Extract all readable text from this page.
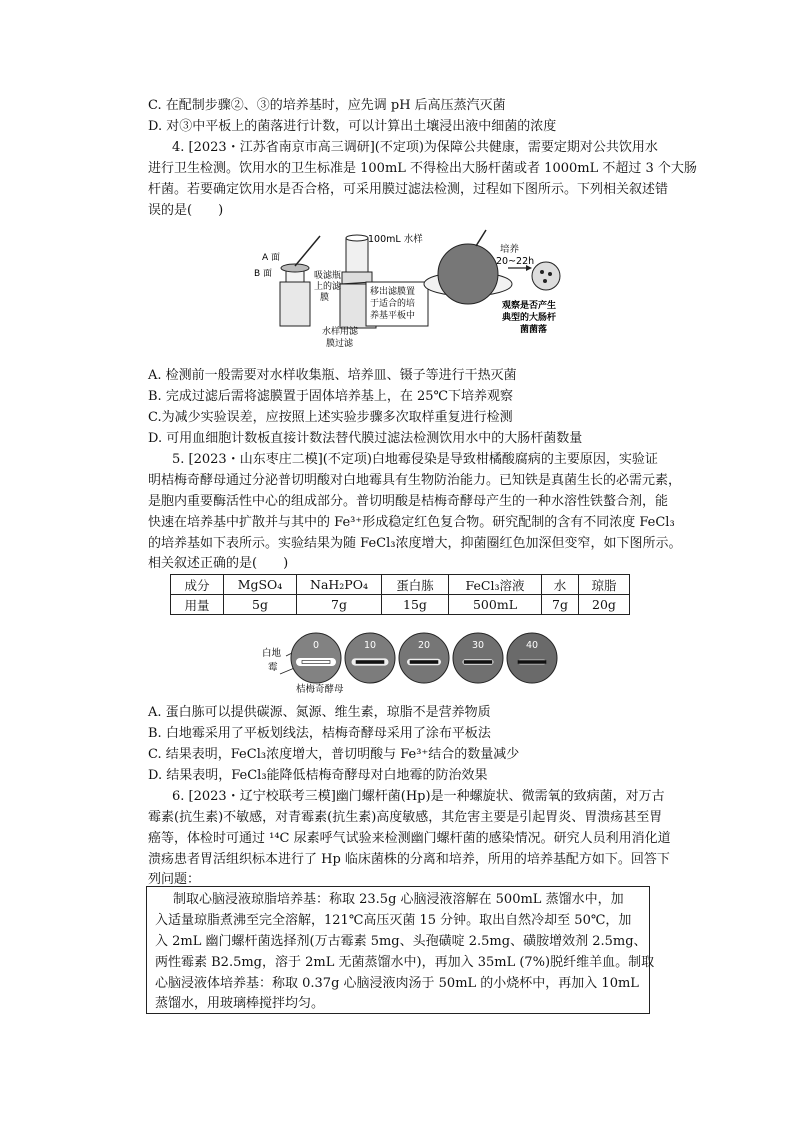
C. 在配制步骤②、③的培养基时，应先调 pH 后高压蒸汽灭菌
D. 对③中平板上的菌落进行计数，可以计算出土壤浸出液中细菌的浓度
4. [2023・江苏省南京市高三调研](不定项)为保障公共健康，需要定期对公共饮用水
进行卫生检测。饮用水的卫生标准是 100mL 不得检出大肠杆菌或者 1000mL 不超过 3 个大肠
杆菌。若要确定饮用水是否合格，可采用膜过滤法检测，过程如下图所示。下列相关叙述错
误的是(　　)
A 面
B 面
100mL 水样
吸滤瓶
上的滤
膜
水样用滤
膜过滤
移出滤膜置
于适合的培
养基平板中
培养
20~22h
观察是否产生
典型的大肠杆
菌菌落
A. 检测前一般需要对水样收集瓶、培养皿、镊子等进行干热灭菌
B. 完成过滤后需将滤膜置于固体培养基上，在 25℃下培养观察
C.为减少实验误差，应按照上述实验步骤多次取样重复进行检测
D. 可用血细胞计数板直接计数法替代膜过滤法检测饮用水中的大肠杆菌数量
5. [2023・山东枣庄二模](不定项)白地霉侵染是导致柑橘酸腐病的主要原因，实验证
明桔梅奇酵母通过分泌普切明酸对白地霉具有生物防治能力。已知铁是真菌生长的必需元素，
是胞内重要酶活性中心的组成部分。普切明酸是桔梅奇酵母产生的一种水溶性铁螯合剂，能
快速在培养基中扩散并与其中的 Fe³⁺形成稳定红色复合物。研究配制的含有不同浓度 FeCl₃
的培养基如下表所示。实验结果为随 FeCl₃浓度增大，抑菌圈红色加深但变窄，如下图所示。
相关叙述正确的是(　　)
成分	MgSO₄	NaH₂PO₄	蛋白胨	FeCl₃溶液	水	琼脂
用量	5g	7g	15g	500mL	7g	20g
白地
霉
0	10	20	30	40
桔梅奇酵母
A. 蛋白胨可以提供碳源、氮源、维生素，琼脂不是营养物质
B. 白地霉采用了平板划线法，桔梅奇酵母采用了涂布平板法
C. 结果表明，FeCl₃浓度增大，普切明酸与 Fe³⁺结合的数量减少
D. 结果表明，FeCl₃能降低桔梅奇酵母对白地霉的防治效果
6. [2023・辽宁校联考三模]幽门螺杆菌(Hp)是一种螺旋状、微需氧的致病菌，对万古
霉素(抗生素)不敏感，对青霉素(抗生素)高度敏感，其危害主要是引起胃炎、胃溃疡甚至胃
癌等，体检时可通过 ¹⁴C 尿素呼气试验来检测幽门螺杆菌的感染情况。研究人员利用消化道
溃疡患者胃活组织标本进行了 Hp 临床菌株的分离和培养，所用的培养基配方如下。回答下
列问题：
制取心脑浸液琼脂培养基：称取 23.5g 心脑浸液溶解在 500mL 蒸馏水中，加
入适量琼脂煮沸至完全溶解，121℃高压灭菌 15 分钟。取出自然冷却至 50℃，加
入 2mL 幽门螺杆菌选择剂(万古霉素 5mg、头孢磺啶 2.5mg、磺胺增效剂 2.5mg、
两性霉素 B2.5mg，溶于 2mL 无菌蒸馏水中)，再加入 35mL (7%)脱纤维羊血。制取
心脑浸液体培养基：称取 0.37g 心脑浸液肉汤于 50mL 的小烧杯中，再加入 10mL
蒸馏水，用玻璃棒搅拌均匀。
